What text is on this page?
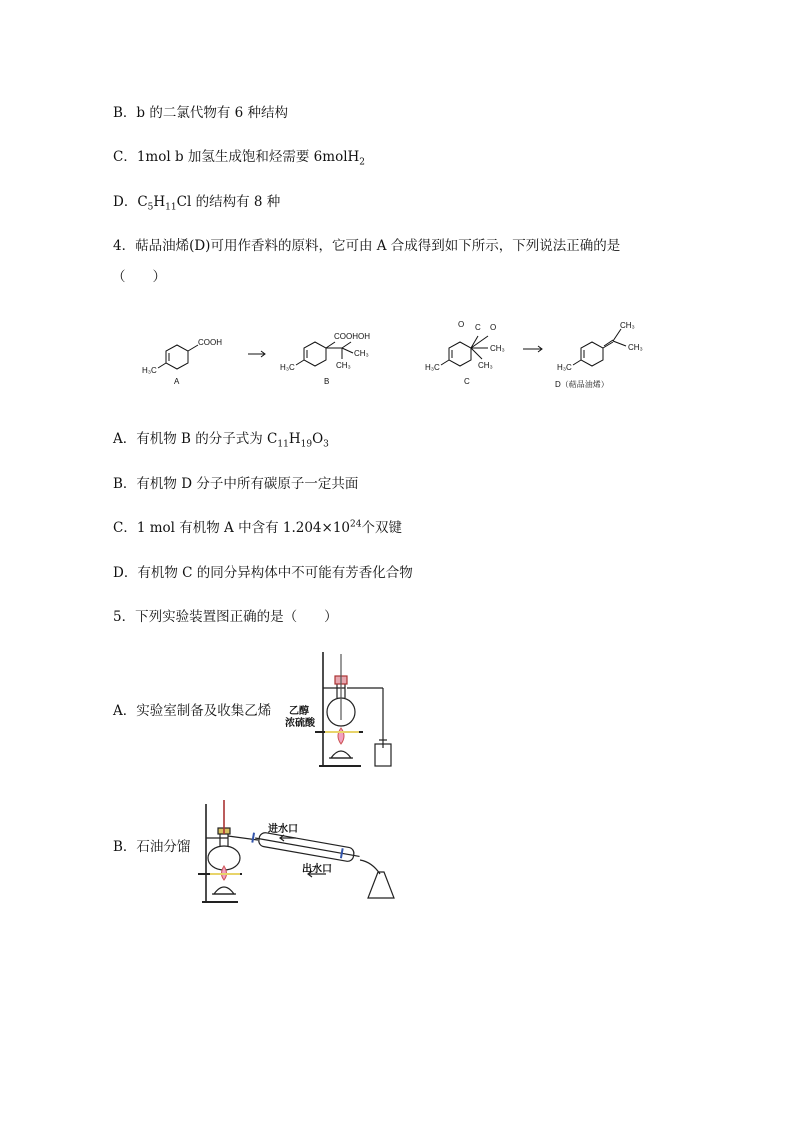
B．b 的二氯代物有 6 种结构
C．1mol b 加氢生成饱和烃需要 6molH$_2$
D．$C_5H_{11}Cl$ 的结构有 8 种
4．萜品油烯(D)可用作香料的原料，它可由 A 合成得到如下所示，下列说法正确的是
（　　）
COOH
H₃C
A
COOH OH
CH₃
CH₃
H₃C
B
O C O
CH₃
CH₃
H₃C
C
CH₃
CH₃
H₃C
D（萜品油烯）
A．有机物 B 的分子式为 $C_{11}H_{19}O_3$
B．有机物 D 分子中所有碳原子一定共面
C．1 mol 有机物 A 中含有 $1.204\times 10^{24}$个双键
D．有机物 C 的同分异构体中不可能有芳香化合物
5．下列实验装置图正确的是（　　）
A．实验室制备及收集乙烯 乙醇
浓硫酸
B．石油分馏
进水口
出水口
